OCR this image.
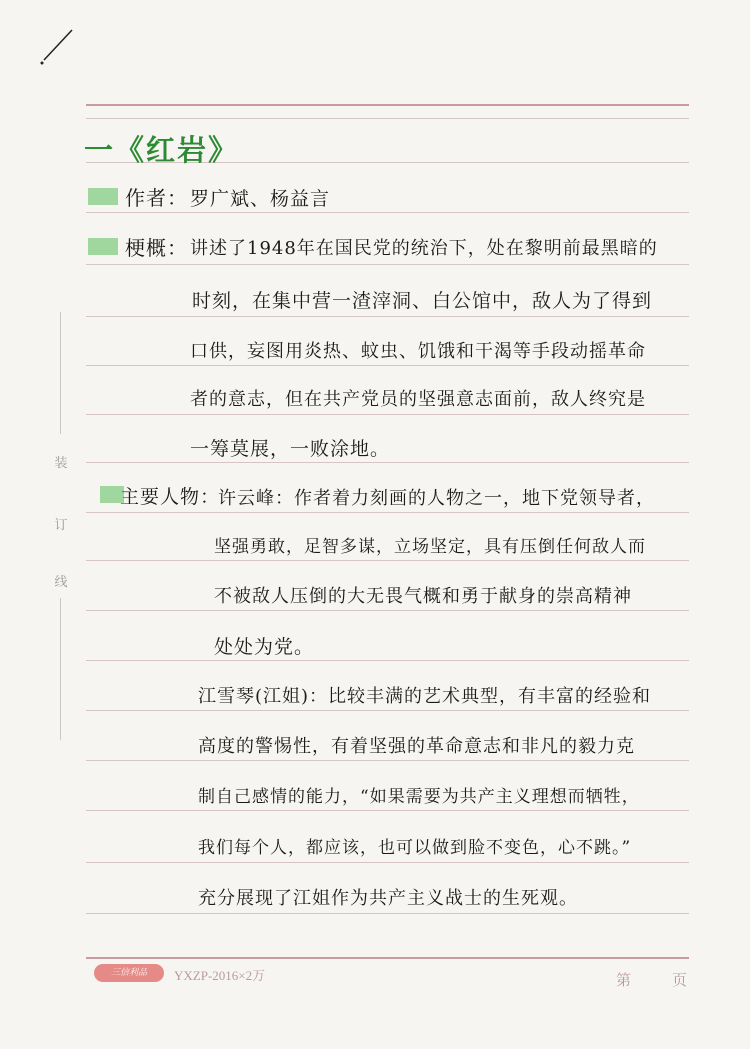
装
订
线
一《红岩》
作者： 罗广斌、杨益言
梗概： 讲述了1948年在国民党的统治下，处在黎明前最黑暗的
时刻，在集中营一渣滓洞、白公馆中，敌人为了得到
口供，妄图用炎热、蚊虫、饥饿和干渴等手段动摇革命
者的意志，但在共产党员的坚强意志面前，敌人终究是
一筹莫展，一败涂地。
主要人物：
许云峰：作者着力刻画的人物之一，地下党领导者，
坚强勇敢，足智多谋，立场坚定，具有压倒任何敌人而
不被敌人压倒的大无畏气概和勇于献身的崇高精神
处处为党。
江雪琴(江姐)：比较丰满的艺术典型，有丰富的经验和
高度的警惕性，有着坚强的革命意志和非凡的毅力克
制自己感情的能力，“如果需要为共产主义理想而牺牲，
我们每个人，都应该，也可以做到脸不变色，心不跳。”
充分展现了江姐作为共产主义战士的生死观。
三信利品	YXZP-2016×2万	第	页
